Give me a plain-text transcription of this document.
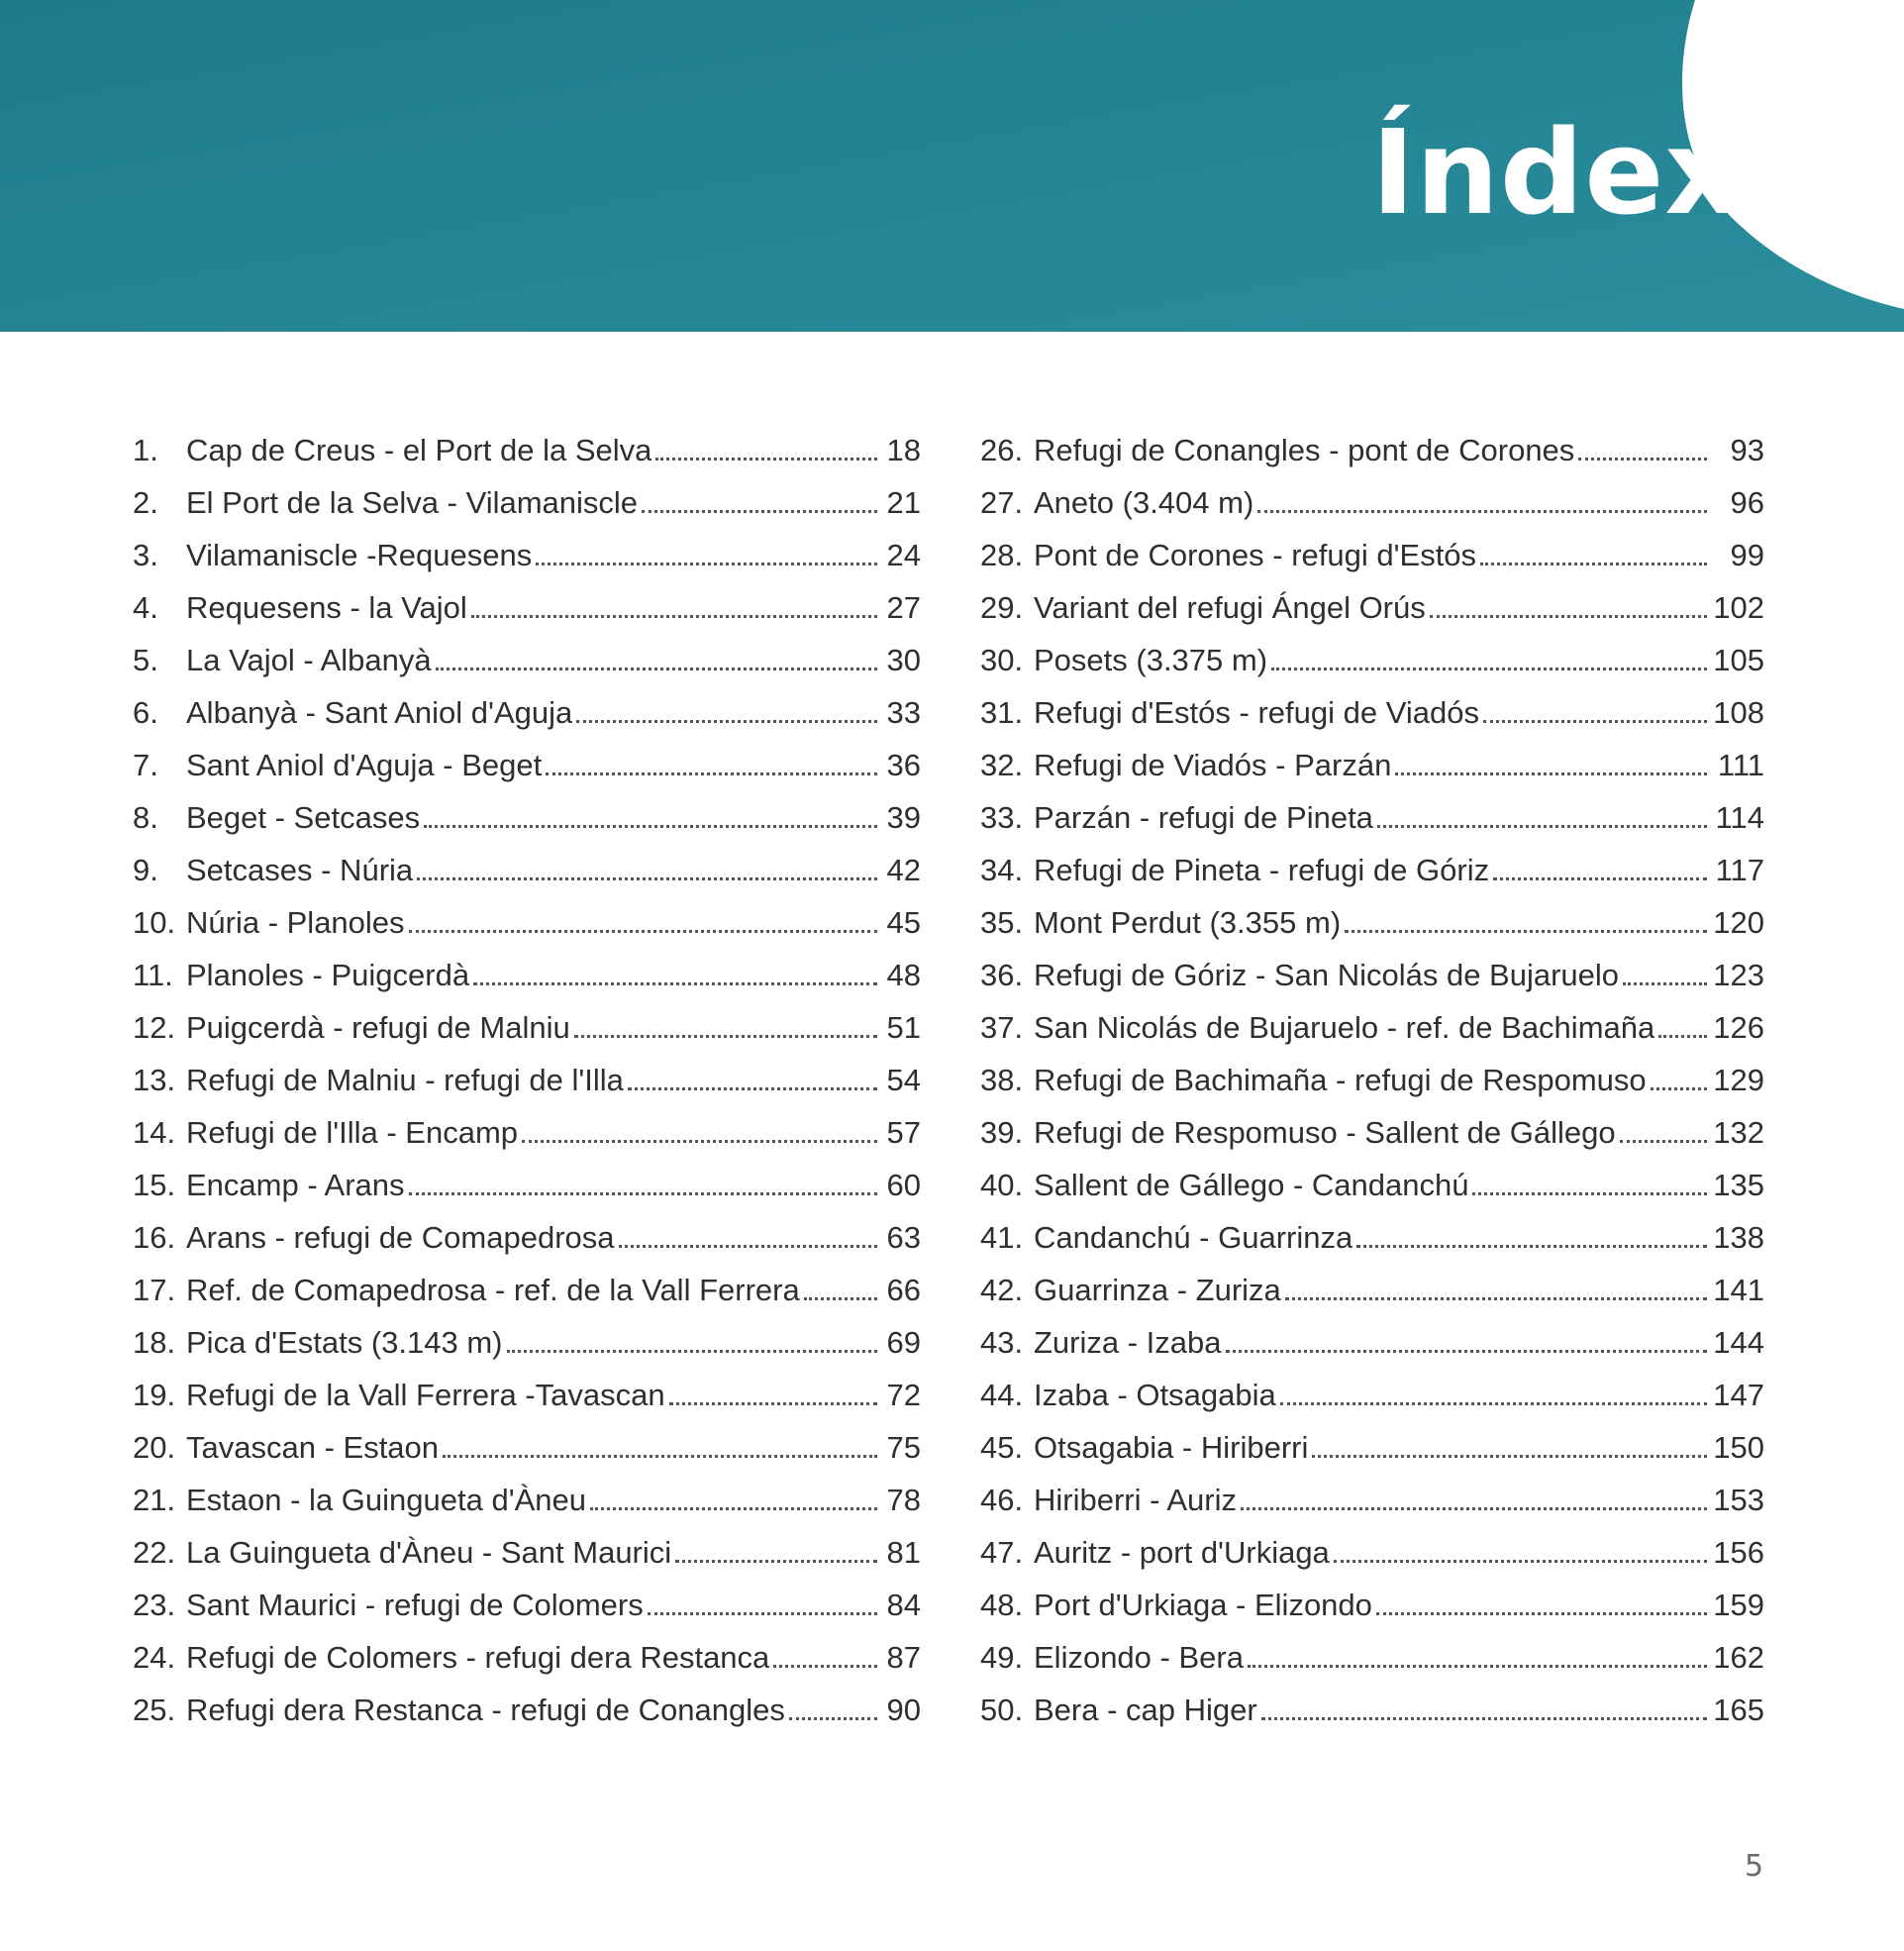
Índex
1. Cap de Creus - el Port de la Selva	18
2. El Port de la Selva - Vilamaniscle	21
3. Vilamaniscle -Requesens	24
4. Requesens - la Vajol	27
5. La Vajol - Albanyà	30
6. Albanyà - Sant Aniol d'Aguja	33
7. Sant Aniol d'Aguja - Beget	36
8. Beget - Setcases	39
9. Setcases - Núria	42
10. Núria - Planoles	45
11. Planoles - Puigcerdà	48
12. Puigcerdà - refugi de Malniu	51
13. Refugi de Malniu - refugi de l'Illa	54
14. Refugi de l'Illa - Encamp	57
15. Encamp - Arans	60
16. Arans - refugi de Comapedrosa	63
17. Ref. de Comapedrosa - ref. de la Vall Ferrera	66
18. Pica d'Estats (3.143 m)	69
19. Refugi de la Vall Ferrera -Tavascan	72
20. Tavascan - Estaon	75
21. Estaon - la Guingueta d'Àneu	78
22. La Guingueta d'Àneu - Sant Maurici	81
23. Sant Maurici - refugi de Colomers	84
24. Refugi de Colomers - refugi dera Restanca	87
25. Refugi dera Restanca - refugi de Conangles	90
26. Refugi de Conangles - pont de Corones	93
27. Aneto (3.404 m)	96
28. Pont de Corones - refugi d'Estós	99
29. Variant del refugi Ángel Orús	102
30. Posets (3.375 m)	105
31. Refugi d'Estós - refugi de Viadós	108
32. Refugi de Viadós - Parzán	111
33. Parzán - refugi de Pineta	114
34. Refugi de Pineta - refugi de Góriz	117
35. Mont Perdut (3.355 m)	120
36. Refugi de Góriz - San Nicolás de Bujaruelo	123
37. San Nicolás de Bujaruelo - ref. de Bachimaña 126
38. Refugi de Bachimaña - refugi de Respomuso 129
39. Refugi de Respomuso - Sallent de Gállego	132
40. Sallent de Gállego - Candanchú	135
41. Candanchú - Guarrinza	138
42. Guarrinza - Zuriza	141
43. Zuriza - Izaba	144
44. Izaba - Otsagabia	147
45. Otsagabia - Hiriberri	150
46. Hiriberri - Auriz	153
47. Auritz - port d'Urkiaga	156
48. Port d'Urkiaga - Elizondo	159
49. Elizondo - Bera	162
50. Bera - cap Higer	165
5
